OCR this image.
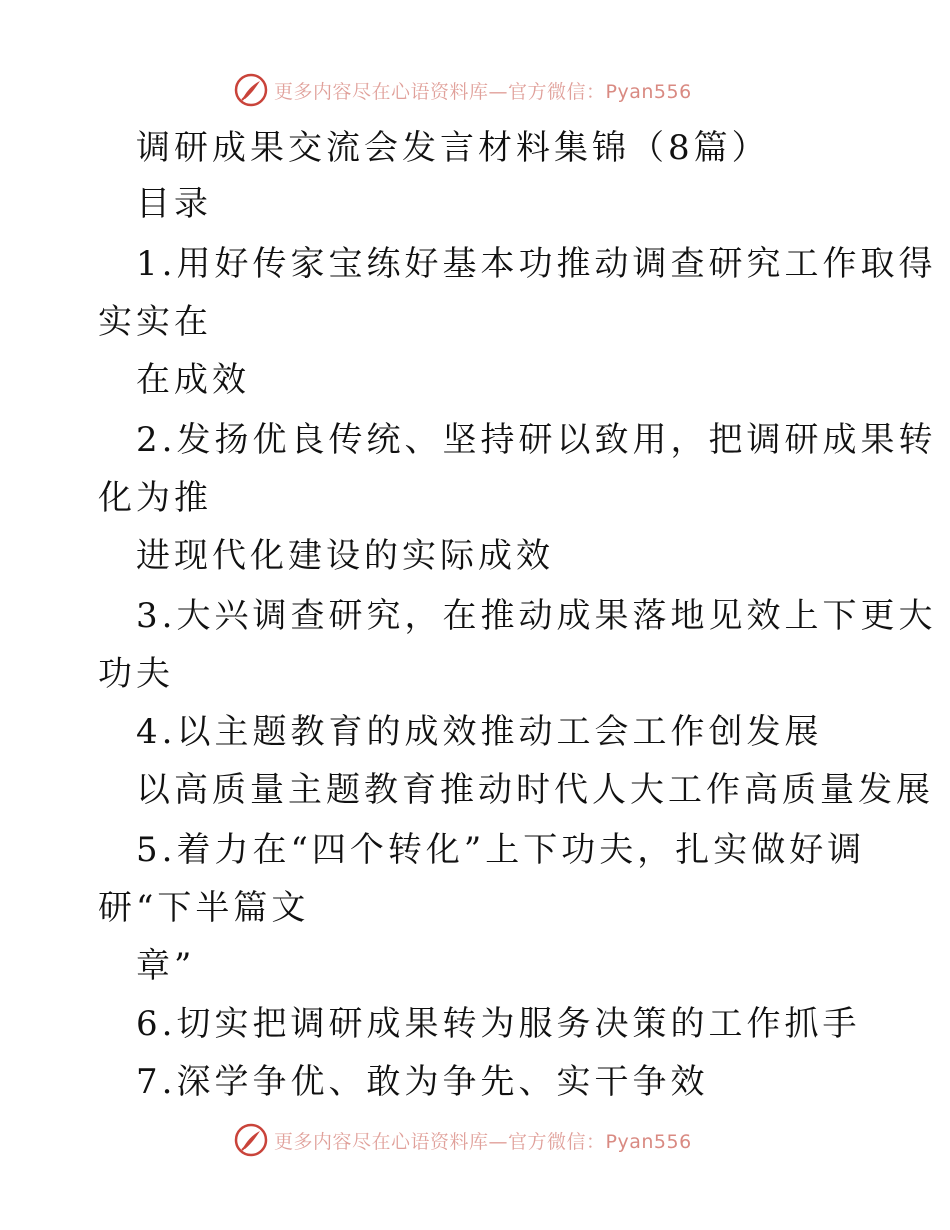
更多内容尽在心语资料库—官方微信：Pyan556
调研成果交流会发言材料集锦（8篇）
目录
1.用好传家宝练好基本功推动调查研究工作取得
实实在
在成效
2.发扬优良传统、坚持研以致用，把调研成果转
化为推
进现代化建设的实际成效
3.大兴调查研究，在推动成果落地见效上下更大
功夫
4.以主题教育的成效推动工会工作创发展
以高质量主题教育推动时代人大工作高质量发展
5.着力在“四个转化”上下功夫，扎实做好调
研“下半篇文
章”
6.切实把调研成果转为服务决策的工作抓手
7.深学争优、敢为争先、实干争效
更多内容尽在心语资料库—官方微信：Pyan556
